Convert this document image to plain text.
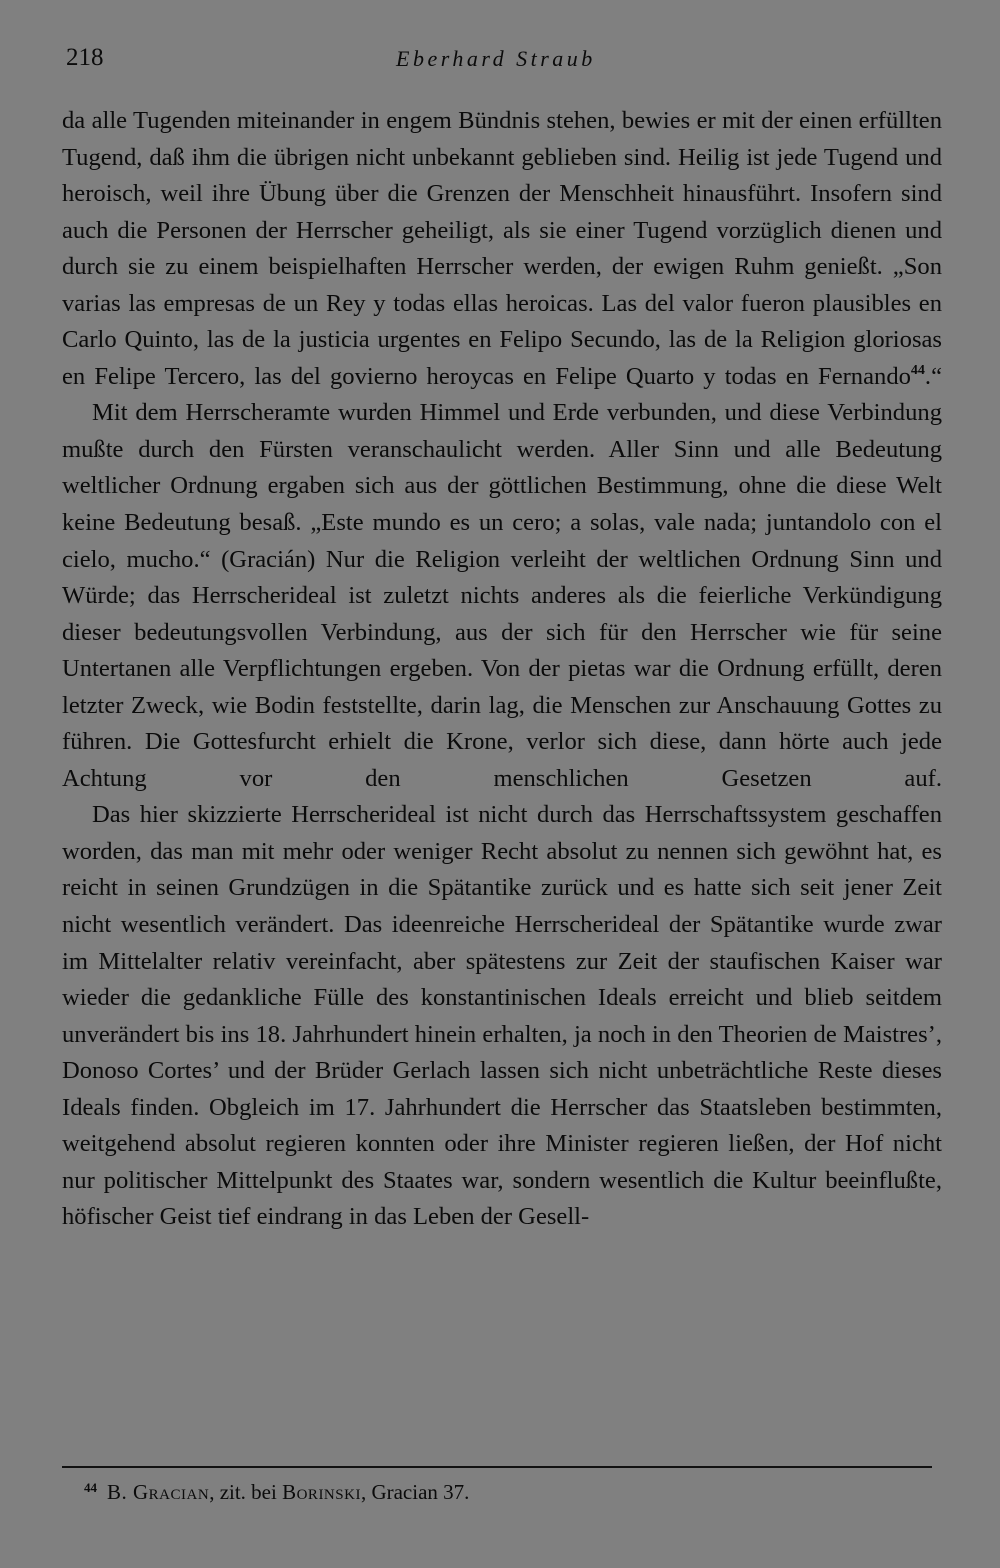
218	Eberhard Straub

da alle Tugenden miteinander in engem Bündnis stehen, bewies er mit der einen erfüllten Tugend, daß ihm die übrigen nicht unbekannt geblieben sind. Heilig ist jede Tugend und heroisch, weil ihre Übung über die Grenzen der Menschheit hinausführt. Insofern sind auch die Personen der Herrscher geheiligt, als sie einer Tugend vorzüglich dienen und durch sie zu einem beispielhaften Herrscher werden, der ewigen Ruhm genießt. „Son varias las empresas de un Rey y todas ellas heroicas. Las del valor fueron plausibles en Carlo Quinto, las de la justicia urgentes en Felipo Secundo, las de la Religion gloriosas en Felipe Tercero, las del govierno heroycas en Felipe Quarto y todas en Fernando$^{44}$.“

Mit dem Herrscheramte wurden Himmel und Erde verbunden, und diese Verbindung mußte durch den Fürsten veranschaulicht werden. Aller Sinn und alle Bedeutung weltlicher Ordnung ergaben sich aus der göttlichen Bestimmung, ohne die diese Welt keine Bedeutung besaß. „Este mundo es un cero; a solas, vale nada; juntandolo con el cielo, mucho.“ (Gracián) Nur die Religion verleiht der weltlichen Ordnung Sinn und Würde; das Herrscherideal ist zuletzt nichts anderes als die feierliche Verkündigung dieser bedeutungsvollen Verbindung, aus der sich für den Herrscher wie für seine Untertanen alle Verpflichtungen ergeben. Von der pietas war die Ordnung erfüllt, deren letzter Zweck, wie Bodin feststellte, darin lag, die Menschen zur Anschauung Gottes zu führen. Die Gottesfurcht erhielt die Krone, verlor sich diese, dann hörte auch jede Achtung vor den menschlichen Gesetzen auf.

Das hier skizzierte Herrscherideal ist nicht durch das Herrschaftssystem geschaffen worden, das man mit mehr oder weniger Recht absolut zu nennen sich gewöhnt hat, es reicht in seinen Grundzügen in die Spätantike zurück und es hatte sich seit jener Zeit nicht wesentlich verändert. Das ideenreiche Herrscherideal der Spätantike wurde zwar im Mittelalter relativ vereinfacht, aber spätestens zur Zeit der staufischen Kaiser war wieder die gedankliche Fülle des konstantinischen Ideals erreicht und blieb seitdem unverändert bis ins 18. Jahrhundert hinein erhalten, ja noch in den Theorien de Maistres’, Donoso Cortes’ und der Brüder Gerlach lassen sich nicht unbeträchtliche Reste dieses Ideals finden. Obgleich im 17. Jahrhundert die Herrscher das Staatsleben bestimmten, weitgehend absolut regieren konnten oder ihre Minister regieren ließen, der Hof nicht nur politischer Mittelpunkt des Staates war, sondern wesentlich die Kultur beeinflußte, höfischer Geist tief eindrang in das Leben der Gesell-

$^{44}$ B. Gracian, zit. bei Borinski, Gracian 37.
